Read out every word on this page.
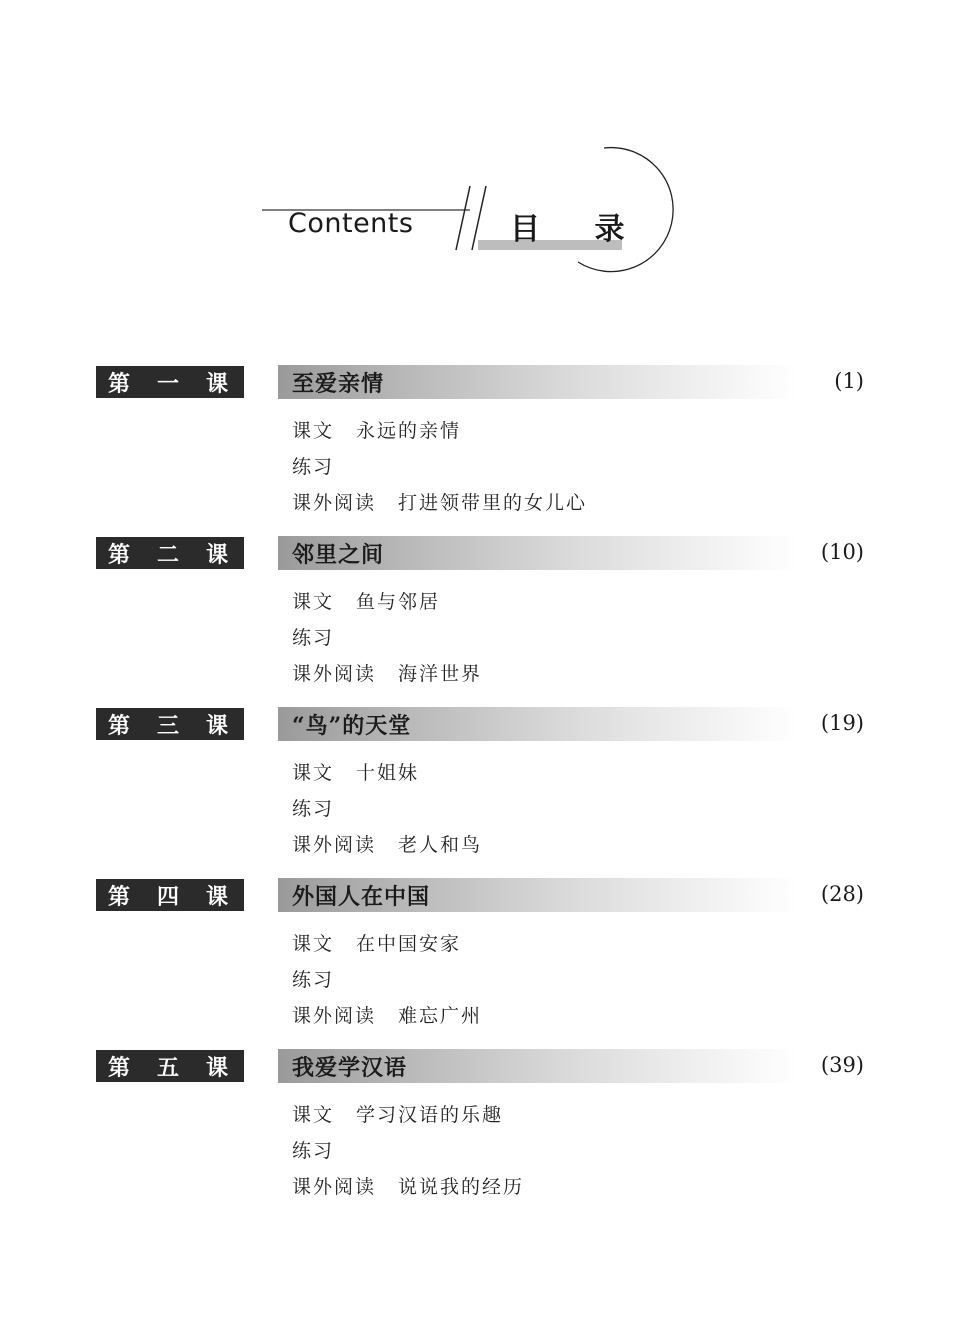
Contents	目 录
第 一 课	至爱亲情	(1)
课文 永远的亲情
练习
课外阅读 打进领带里的女儿心
第 二 课	邻里之间	(10)
课文 鱼与邻居
练习
课外阅读 海洋世界
第 三 课	“鸟”的天堂	(19)
课文 十姐妹
练习
课外阅读 老人和鸟
第 四 课	外国人在中国	(28)
课文 在中国安家
练习
课外阅读 难忘广州
第 五 课	我爱学汉语	(39)
课文 学习汉语的乐趣
练习
课外阅读 说说我的经历
